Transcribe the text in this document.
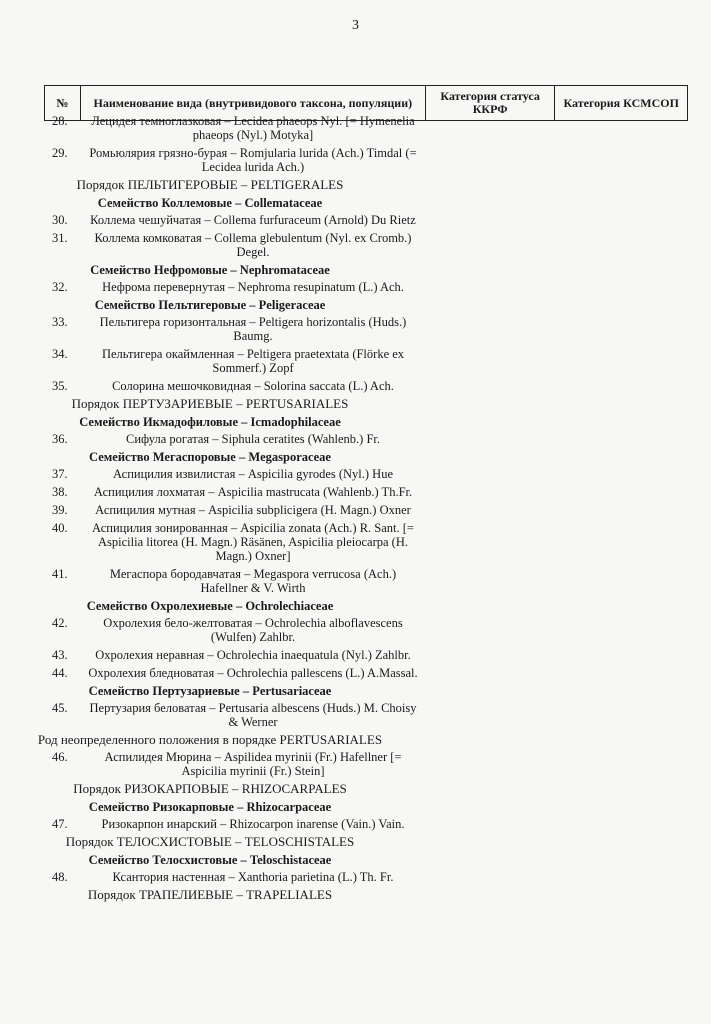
3
№	Наименование вида (внутривидового таксона, популяции)	Категория статуса ККРФ	Категория КСМСОП
28. Лецидея темноглазковая – Lecidea phaeops Nyl. [= Hymenelia phaeops (Nyl.) Motyka]
29. Ромьюлярия грязно-бурая – Romjularia lurida (Ach.) Timdal (= Lecidea lurida Ach.)
Порядок ПЕЛЬТИГЕРОВЫЕ – PELTIGERALES
Семейство Коллемовые – Collemataceae
30. Коллема чешуйчатая – Collema furfuraceum (Arnold) Du Rietz
31.	Коллема комковатая – Collema glebulentum (Nyl. ex Cromb.) Degel.
Семейство Нефромовые – Nephromataceae
32.	Нефрома перевернутая – Nephroma resupinatum (L.) Ach.
Семейство Пельтигеровые – Peligeraceae
33.	Пельтигера горизонтальная – Peltigera horizontalis (Huds.) Baumg.
34.	Пельтигера окаймленная – Peltigera praetextata (Flörke ex Sommerf.) Zopf
35.	Солорина мешочковидная – Solorina saccata (L.) Ach.
Порядок ПЕРТУЗАРИЕВЫЕ – PERTUSARIALES
Семейство Икмадофиловые – Icmadophilaceae
36.	Сифула рогатая – Siphula ceratites (Wahlenb.) Fr.
Семейство Мегаспоровые – Megasporaceae
37.	Аспицилия извилистая – Aspicilia gyrodes (Nyl.) Hue
38.	Аспицилия лохматая – Aspicilia mastrucata (Wahlenb.) Th.Fr.
39.	Аспицилия мутная – Aspicilia subplicigera (H. Magn.) Oxner
40.	Аспицилия зонированная – Aspicilia zonata (Ach.) R. Sant. [= Aspicilia litorea (H. Magn.) Räsänen, Aspicilia pleiocarpa (H. Magn.) Oxner]
41.	Мегаспора бородавчатая – Megaspora verrucosa (Ach.) Hafellner & V. Wirth
Семейство Охролехиевые – Ochrolechiaceae
42.	Охролехия бело-желтоватая – Ochrolechia alboflavescens (Wulfen) Zahlbr.
43.	Охролехия неравная – Ochrolechia inaequatula (Nyl.) Zahlbr.
44. Охролехия бледноватая – Ochrolechia pallescens (L.) A.Massal.
Семейство Пертузариевые – Pertusariaceae
45. Пертузария беловатая – Pertusaria albescens (Huds.) M. Choisy & Werner
Род неопределенного положения в порядке PERTUSARIALES
46.	Аспилидея Мюрина – Aspilidea myrinii (Fr.) Hafellner [= Aspicilia myrinii (Fr.) Stein]
Порядок РИЗОКАРПОВЫЕ – RHIZOCARPALES
Семейство Ризокарповые – Rhizocarpaceae
47.	Ризокарпон инарский – Rhizocarpon inarense (Vain.) Vain.
Порядок ТЕЛОСХИСТОВЫЕ – TELOSCHISTALES
Семейство Телосхистовые – Teloschistaceae
48.	Ксантория настенная – Xanthoria parietina (L.) Th. Fr.
Порядок ТРАПЕЛИЕВЫЕ – TRAPELIALES
